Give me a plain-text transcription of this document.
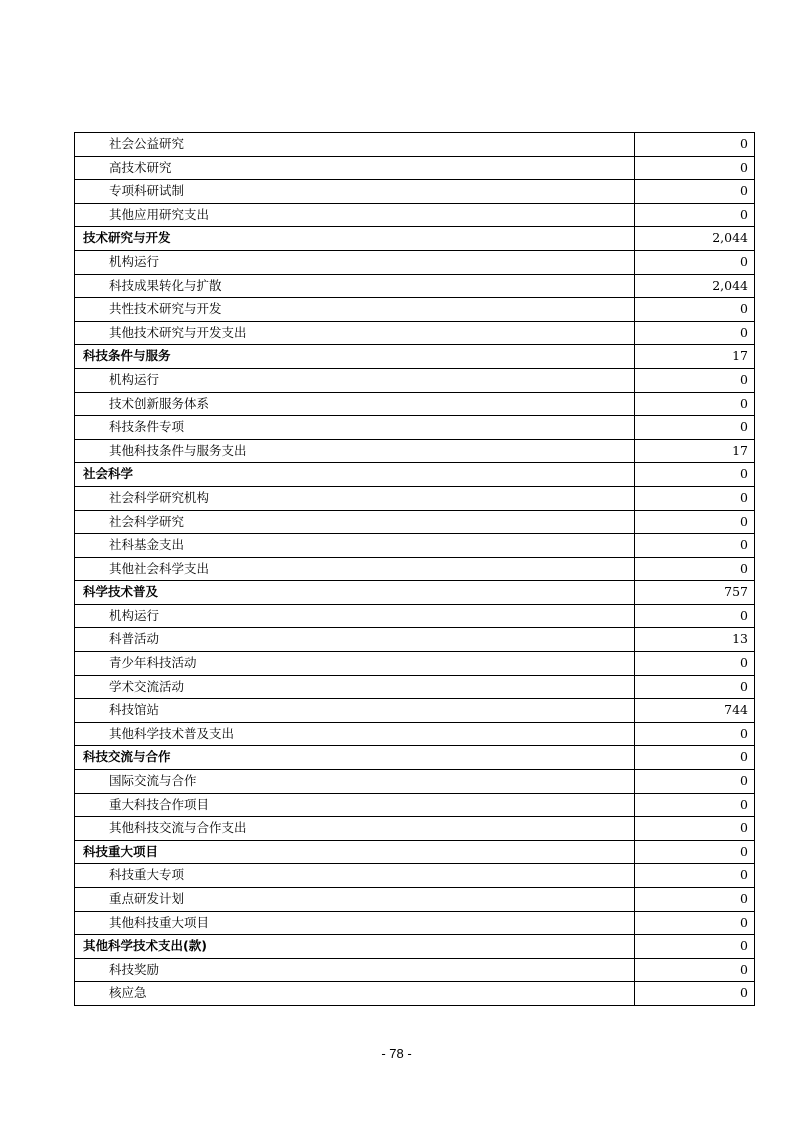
社会公益研究	0
高技术研究	0
专项科研试制	0
其他应用研究支出	0
技术研究与开发	2,044
机构运行	0
科技成果转化与扩散	2,044
共性技术研究与开发	0
其他技术研究与开发支出	0
科技条件与服务	17
机构运行	0
技术创新服务体系	0
科技条件专项	0
其他科技条件与服务支出	17
社会科学	0
社会科学研究机构	0
社会科学研究	0
社科基金支出	0
其他社会科学支出	0
科学技术普及	757
机构运行	0
科普活动	13
青少年科技活动	0
学术交流活动	0
科技馆站	744
其他科学技术普及支出	0
科技交流与合作	0
国际交流与合作	0
重大科技合作项目	0
其他科技交流与合作支出	0
科技重大项目	0
科技重大专项	0
重点研发计划	0
其他科技重大项目	0
其他科学技术支出(款)	0
科技奖励	0
核应急	0
- 78 -
